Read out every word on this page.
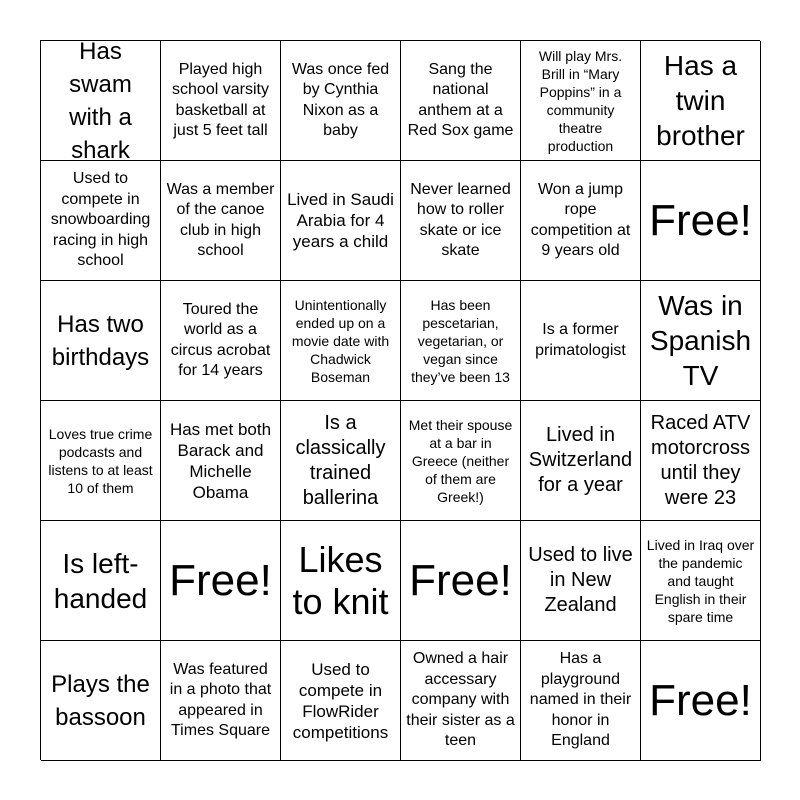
Has swam with a shark
Played high school varsity basketball at just 5 feet tall
Was once fed by Cynthia Nixon as a baby
Sang the national anthem at a Red Sox game
Will play Mrs. Brill in “Mary Poppins” in a community theatre production
Has a twin brother
Used to compete in snowboarding racing in high school
Was a member of the canoe club in high school
Lived in Saudi Arabia for 4 years a child
Never learned how to roller skate or ice skate
Won a jump rope competition at 9 years old
Free!
Has two birthdays
Toured the world as a circus acrobat for 14 years
Unintentionally ended up on a movie date with Chadwick Boseman
Has been pescetarian, vegetarian, or vegan since they’ve been 13
Is a former primatologist
Was in Spanish TV
Loves true crime podcasts and listens to at least 10 of them
Has met both Barack and Michelle Obama
Is a classically trained ballerina
Met their spouse at a bar in Greece (neither of them are Greek!)
Lived in Switzerland for a year
Raced ATV motorcross until they were 23
Is left-handed Free! Likes to knit Free!
Used to live in New Zealand
Lived in Iraq over the pandemic and taught English in their spare time
Plays the bassoon
Was featured in a photo that appeared in Times Square
Used to compete in FlowRider competitions
Owned a hair accessary company with their sister as a teen
Has a playground named in their honor in England
Free!
